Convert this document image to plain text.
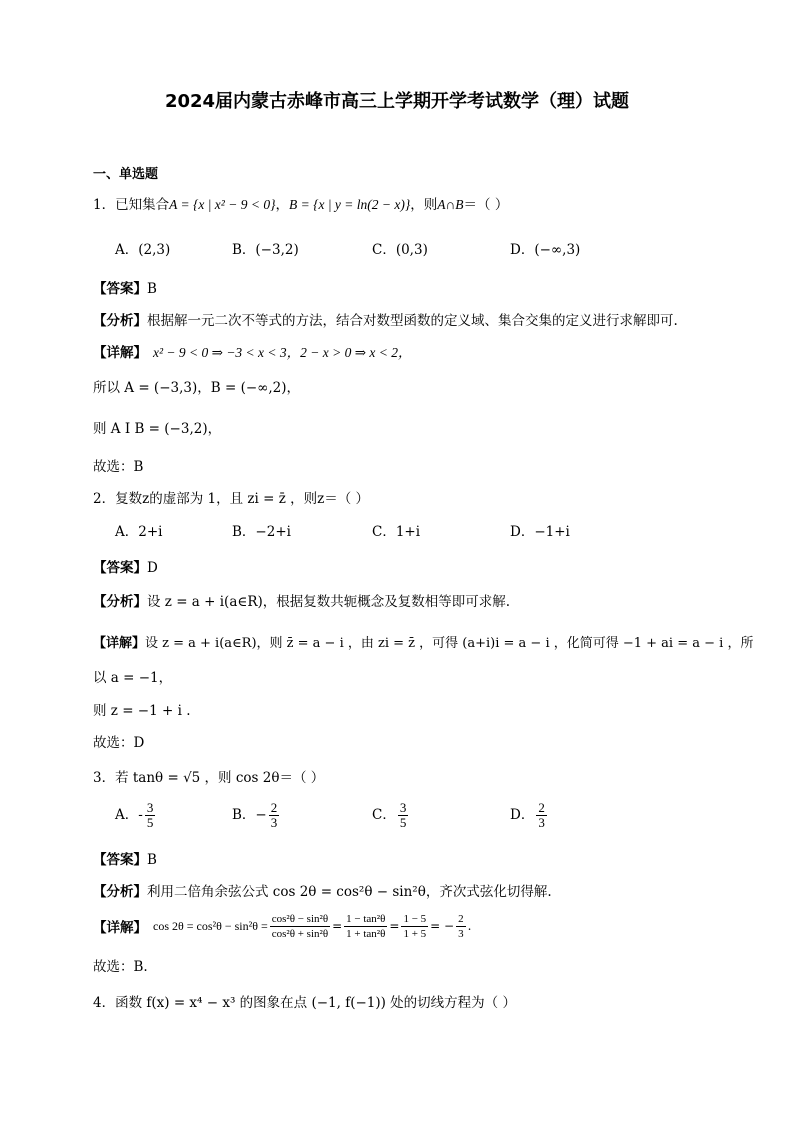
2024届内蒙古赤峰市高三上学期开学考试数学（理）试题
一、单选题
1．已知集合A = {x | x² − 9 < 0}，B = {x | y = ln(2 − x)}，则A∩B＝（ ）
A．(2,3)	B．(−3,2)	C．(0,3)	D．(−∞,3)
【答案】B
【分析】根据解一元二次不等式的方法，结合对数型函数的定义域、集合交集的定义进行求解即可.
【详解】 x² − 9 < 0 ⇒ −3 < x < 3，2 − x > 0 ⇒ x < 2，
所以 A = (−3,3)，B = (−∞,2)，
则 A I B = (−3,2)，
故选：B
2．复数z的虚部为 1，且 zi = z̄ ，则z＝（ ）
A．2+i	B．−2+i	C．1+i	D．−1+i
【答案】D
【分析】设 z = a + i(a∈R)，根据复数共轭概念及复数相等即可求解.
【详解】设 z = a + i(a∈R)，则 z̄ = a − i ，由 zi = z̄ ，可得 (a+i)i = a − i ，化简可得 −1 + ai = a − i ，所
以 a = −1，
则 z = −1 + i .
故选：D
3．若 tanθ = √5 ，则 cos 2θ＝（ ）
A．- $\frac{3}{5}$	B．− $\frac{2}{3}$	C． $\frac{3}{5}$	D． $\frac{2}{3}$
【答案】B
【分析】利用二倍角余弦公式 cos 2θ = cos²θ − sin²θ，齐次式弦化切得解.
【详解】 $\cos 2\theta = \cos^2\theta - \sin^2\theta = \frac{\text{cos²θ − sin²θ}}{\text{cos²θ + sin²θ}} = \frac{\text{1 − tan²θ}}{\text{1 + tan²θ}} = \frac{1 - 5}{1 + 5}$ = − $\frac{2}{3}$ .
故选：B.
4．函数 f(x) = x⁴ − x³ 的图象在点 (−1, f(−1)) 处的切线方程为（ ）
